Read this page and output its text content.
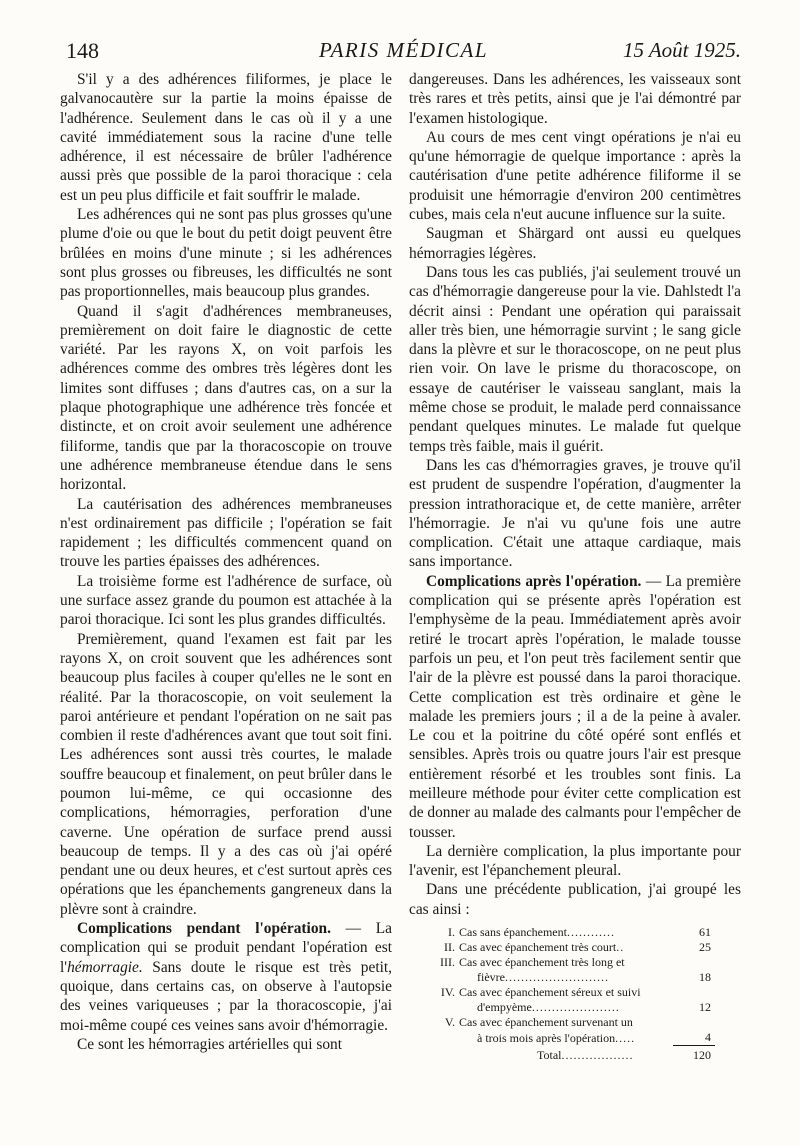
148	PARIS MÉDICAL	15 Août 1925.

S'il y a des adhérences filiformes, je place le galvanocautère sur la partie la moins épaisse de l'adhérence. Seulement dans le cas où il y a une cavité immédiatement sous la racine d'une telle adhérence, il est nécessaire de brûler l'adhérence aussi près que possible de la paroi thoracique : cela est un peu plus difficile et fait souffrir le malade.

Les adhérences qui ne sont pas plus grosses qu'une plume d'oie ou que le bout du petit doigt peuvent être brûlées en moins d'une minute ; si les adhérences sont plus grosses ou fibreuses, les difficultés ne sont pas proportionnelles, mais beaucoup plus grandes.

Quand il s'agit d'adhérences membraneuses, premièrement on doit faire le diagnostic de cette variété. Par les rayons X, on voit parfois les adhérences comme des ombres très légères dont les limites sont diffuses ; dans d'autres cas, on a sur la plaque photographique une adhérence très foncée et distincte, et on croit avoir seulement une adhérence filiforme, tandis que par la thoracoscopie on trouve une adhérence membraneuse étendue dans le sens horizontal.

La cautérisation des adhérences membraneuses n'est ordinairement pas difficile ; l'opération se fait rapidement ; les difficultés commencent quand on trouve les parties épaisses des adhérences.

La troisième forme est l'adhérence de surface, où une surface assez grande du poumon est attachée à la paroi thoracique. Ici sont les plus grandes difficultés.

Premièrement, quand l'examen est fait par les rayons X, on croit souvent que les adhérences sont beaucoup plus faciles à couper qu'elles ne le sont en réalité. Par la thoracoscopie, on voit seulement la paroi antérieure et pendant l'opération on ne sait pas combien il reste d'adhérences avant que tout soit fini. Les adhérences sont aussi très courtes, le malade souffre beaucoup et finalement, on peut brûler dans le poumon lui-même, ce qui occasionne des complications, hémorragies, perforation d'une caverne. Une opération de surface prend aussi beaucoup de temps. Il y a des cas où j'ai opéré pendant une ou deux heures, et c'est surtout après ces opérations que les épanchements gangreneux dans la plèvre sont à craindre.

Complications pendant l'opération. — La complication qui se produit pendant l'opération est l'hémorragie. Sans doute le risque est très petit, quoique, dans certains cas, on observe à l'autopsie des veines variqueuses ; par la thoracoscopie, j'ai moi-même coupé ces veines sans avoir d'hémorragie.

Ce sont les hémorragies artérielles qui sont

dangereuses. Dans les adhérences, les vaisseaux sont très rares et très petits, ainsi que je l'ai démontré par l'examen histologique.

Au cours de mes cent vingt opérations je n'ai eu qu'une hémorragie de quelque importance : après la cautérisation d'une petite adhérence filiforme il se produisit une hémorragie d'environ 200 centimètres cubes, mais cela n'eut aucune influence sur la suite.

Saugman et Shärgard ont aussi eu quelques hémorragies légères.

Dans tous les cas publiés, j'ai seulement trouvé un cas d'hémorragie dangereuse pour la vie. Dahlstedt l'a décrit ainsi : Pendant une opération qui paraissait aller très bien, une hémorragie survint ; le sang gicle dans la plèvre et sur le thoracoscope, on ne peut plus rien voir. On lave le prisme du thoracoscope, on essaye de cautériser le vaisseau sanglant, mais la même chose se produit, le malade perd connaissance pendant quelques minutes. Le malade fut quelque temps très faible, mais il guérit.

Dans les cas d'hémorragies graves, je trouve qu'il est prudent de suspendre l'opération, d'augmenter la pression intrathoracique et, de cette manière, arrêter l'hémorragie. Je n'ai vu qu'une fois une autre complication. C'était une attaque cardiaque, mais sans importance.

Complications après l'opération. — La première complication qui se présente après l'opération est l'emphysème de la peau. Immédiatement après avoir retiré le trocart après l'opération, le malade tousse parfois un peu, et l'on peut très facilement sentir que l'air de la plèvre est poussé dans la paroi thoracique. Cette complication est très ordinaire et gène le malade les premiers jours ; il a de la peine à avaler. Le cou et la poitrine du côté opéré sont enflés et sensibles. Après trois ou quatre jours l'air est presque entièrement résorbé et les troubles sont finis. La meilleure méthode pour éviter cette complication est de donner au malade des calmants pour l'empêcher de tousser.

La dernière complication, la plus importante pour l'avenir, est l'épanchement pleural.

Dans une précédente publication, j'ai groupé les cas ainsi :

I. Cas sans épanchement............	61
II. Cas avec épanchement très court..	25
III. Cas avec épanchement très long et	
fièvre..........................	18
IV. Cas avec épanchement séreux et suivi	
d'empyème......................	12
V. Cas avec épanchement survenant un	
à trois mois après l'opération.....	4
Total..................	120
